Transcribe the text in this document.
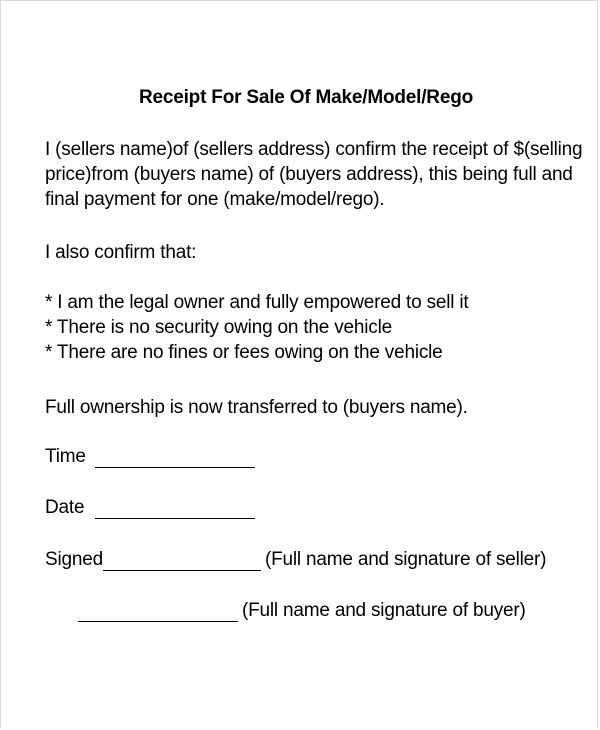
Receipt For Sale Of Make/Model/Rego
I (sellers name)of (sellers address) confirm the receipt of $(selling
price)from (buyers name) of (buyers address), this being full and
final payment for one (make/model/rego).
I also confirm that:
* I am the legal owner and fully empowered to sell it
* There is no security owing on the vehicle
* There are no fines or fees owing on the vehicle
Full ownership is now transferred to (buyers name).
Time
Date
Signed	(Full name and signature of seller)
(Full name and signature of buyer)
